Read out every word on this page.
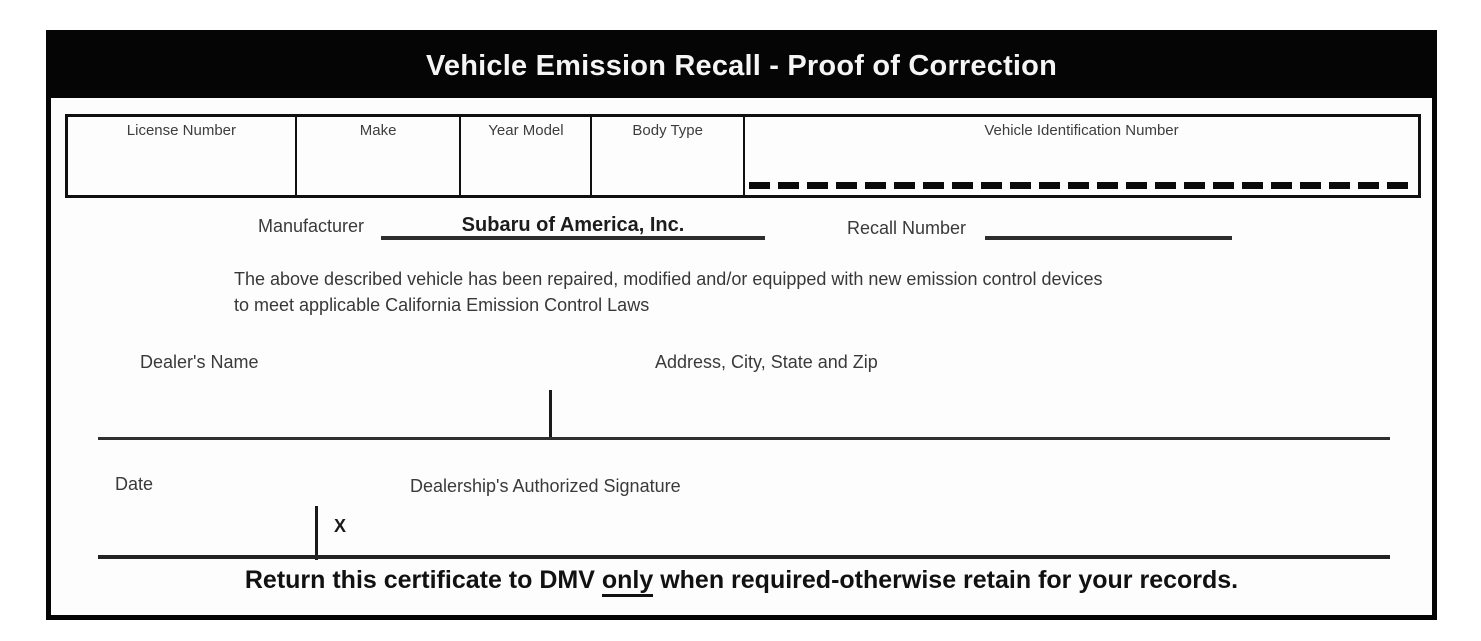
Vehicle Emission Recall - Proof of Correction
License Number	Make	Year Model	Body Type	Vehicle Identification Number
Manufacturer	Subaru of America, Inc.	Recall Number
The above described vehicle has been repaired, modified and/or equipped with new emission control devices
to meet applicable California Emission Control Laws
Dealer's Name	Address, City, State and Zip
Date	Dealership's Authorized Signature
X
Return this certificate to DMV only when required-otherwise retain for your records.
